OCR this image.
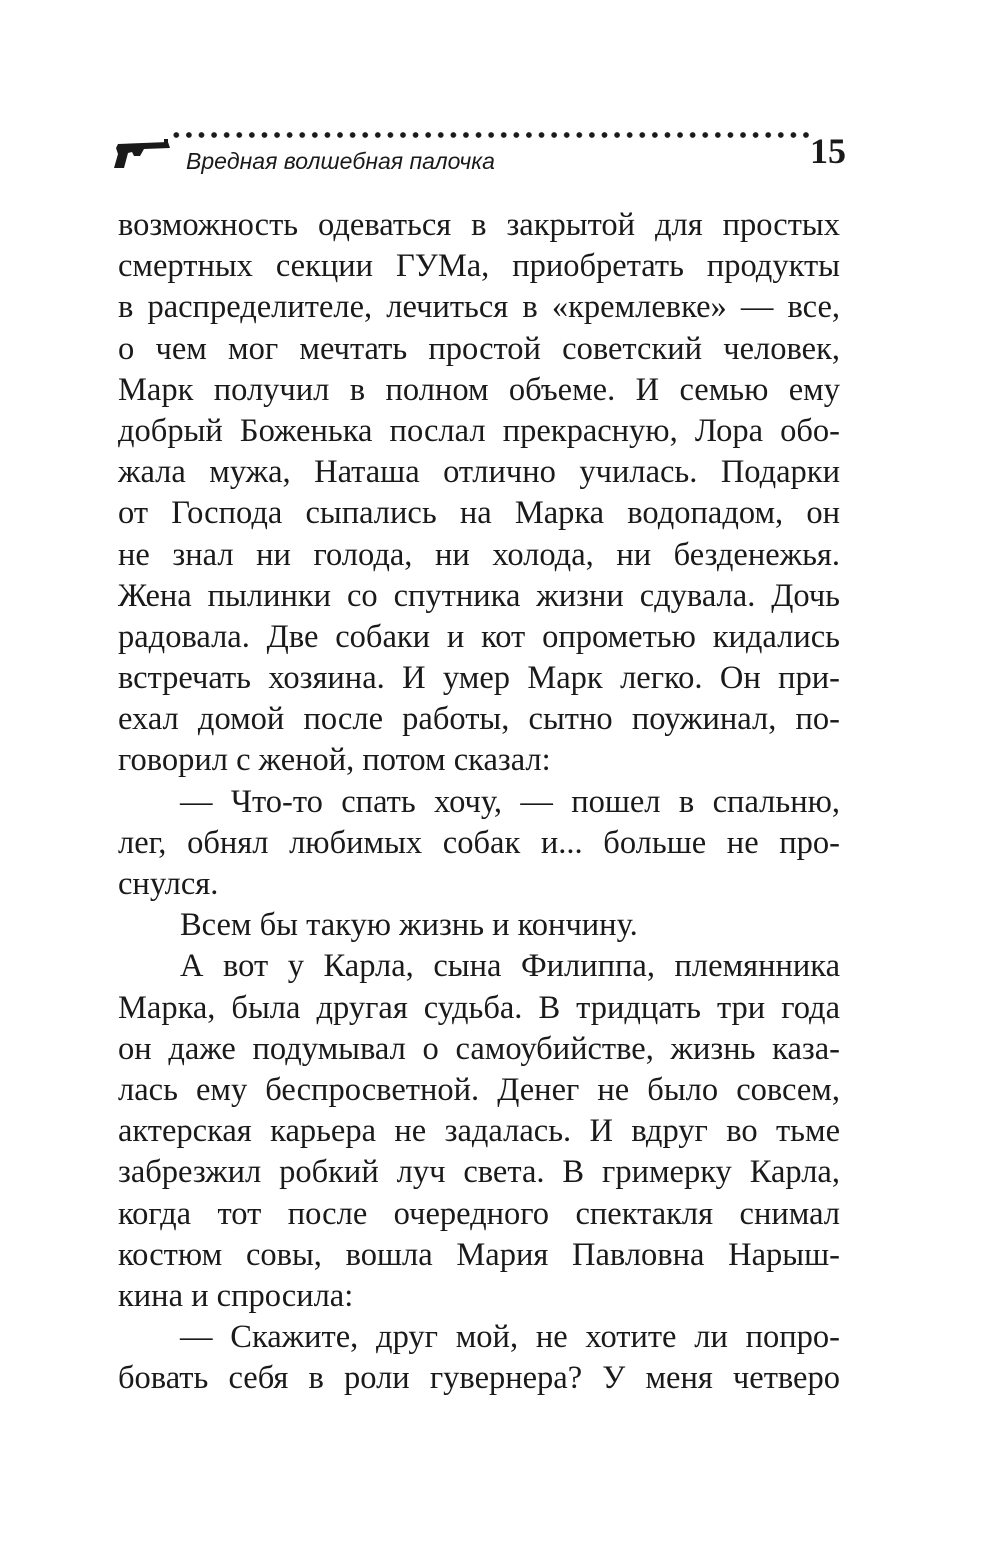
Врeдная волшебная палочка	15
возможность одеваться в закрытой для простых
смертных секции ГУМа, приобретать продукты
в распределителе, лечиться в «кремлевке» — все,
о чем мог мечтать простой советский человек,
Марк получил в полном объеме. И семью ему
добрый Боженька послал прекрасную, Лора обо-
жала мужа, Наташа отлично училась. Подарки
от Господа сыпались на Марка водопадом, он
не знал ни голода, ни холода, ни безденежья.
Жена пылинки со спутника жизни сдувала. Дочь
радовала. Две собаки и кот опрометью кидались
встречать хозяина. И умер Марк легко. Он при-
ехал домой после работы, сытно поужинал, по-
говорил с женой, потом сказал:
— Что-то спать хочу, — пошел в спальню,
лег, обнял любимых собак и... больше не про-
снулся.
Всем бы такую жизнь и кончину.
А вот у Карла, сына Филиппа, племянника
Марка, была другая судьба. В тридцать три года
он даже подумывал о самоубийстве, жизнь каза-
лась ему беспросветной. Денег не было совсем,
актерская карьера не задалась. И вдруг во тьме
забрезжил робкий луч света. В гримерку Карла,
когда тот после очередного спектакля снимал
костюм совы, вошла Мария Павловна Нарыш-
кина и спросила:
— Скажите, друг мой, не хотите ли попро-
бовать себя в роли гувернера? У меня четверо
